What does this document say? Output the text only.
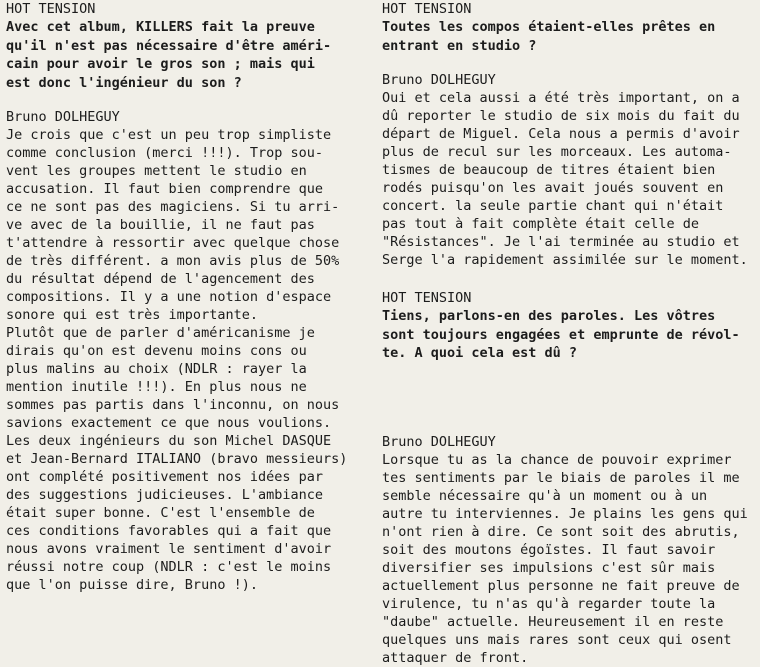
HOT TENSION

Avec cet album, KILLERS fait la preuve
qu'il n'est pas nécessaire d'être améri-
cain pour avoir le gros son ; mais qui
est donc l'ingénieur du son ?

Bruno DOLHEGUY

Je crois que c'est un peu trop simpliste
comme conclusion (merci !!!). Trop sou-
vent les groupes mettent le studio en
accusation. Il faut bien comprendre que
ce ne sont pas des magiciens. Si tu arri-
ve avec de la bouillie, il ne faut pas
t'attendre à ressortir avec quelque chose
de très différent. a mon avis plus de 50%
du résultat dépend de l'agencement des
compositions. Il y a une notion d'espace
sonore qui est très importante.
Plutôt que de parler d'américanisme je
dirais qu'on est devenu moins cons ou
plus malins au choix (NDLR : rayer la
mention inutile !!!). En plus nous ne
sommes pas partis dans l'inconnu, on nous
savions exactement ce que nous voulions.
Les deux ingénieurs du son Michel DASQUE
et Jean-Bernard ITALIANO (bravo messieurs)
ont complété positivement nos idées par
des suggestions judicieuses. L'ambiance
était super bonne. C'est l'ensemble de
ces conditions favorables qui a fait que
nous avons vraiment le sentiment d'avoir
réussi notre coup (NDLR : c'est le moins
que l'on puisse dire, Bruno !).

HOT TENSION

Toutes les compos étaient-elles prêtes en
entrant en studio ?

Bruno DOLHEGUY

Oui et cela aussi a été très important, on a
dû reporter le studio de six mois du fait du
départ de Miguel. Cela nous a permis d'avoir
plus de recul sur les morceaux. Les automa-
tismes de beaucoup de titres étaient bien
rodés puisqu'on les avait joués souvent en
concert. la seule partie chant qui n'était
pas tout à fait complète était celle de
"Résistances". Je l'ai terminée au studio et
Serge l'a rapidement assimilée sur le moment.

HOT TENSION

Tiens, parlons-en des paroles. Les vôtres
sont toujours engagées et emprunte de révol-
te. A quoi cela est dû ?

Bruno DOLHEGUY

Lorsque tu as la chance de pouvoir exprimer
tes sentiments par le biais de paroles il me
semble nécessaire qu'à un moment ou à un
autre tu interviennes. Je plains les gens qui
n'ont rien à dire. Ce sont soit des abrutis,
soit des moutons égoïstes. Il faut savoir
diversifier ses impulsions c'est sûr mais
actuellement plus personne ne fait preuve de
virulence, tu n'as qu'à regarder toute la
"daube" actuelle. Heureusement il en reste
quelques uns mais rares sont ceux qui osent
attaquer de front.
